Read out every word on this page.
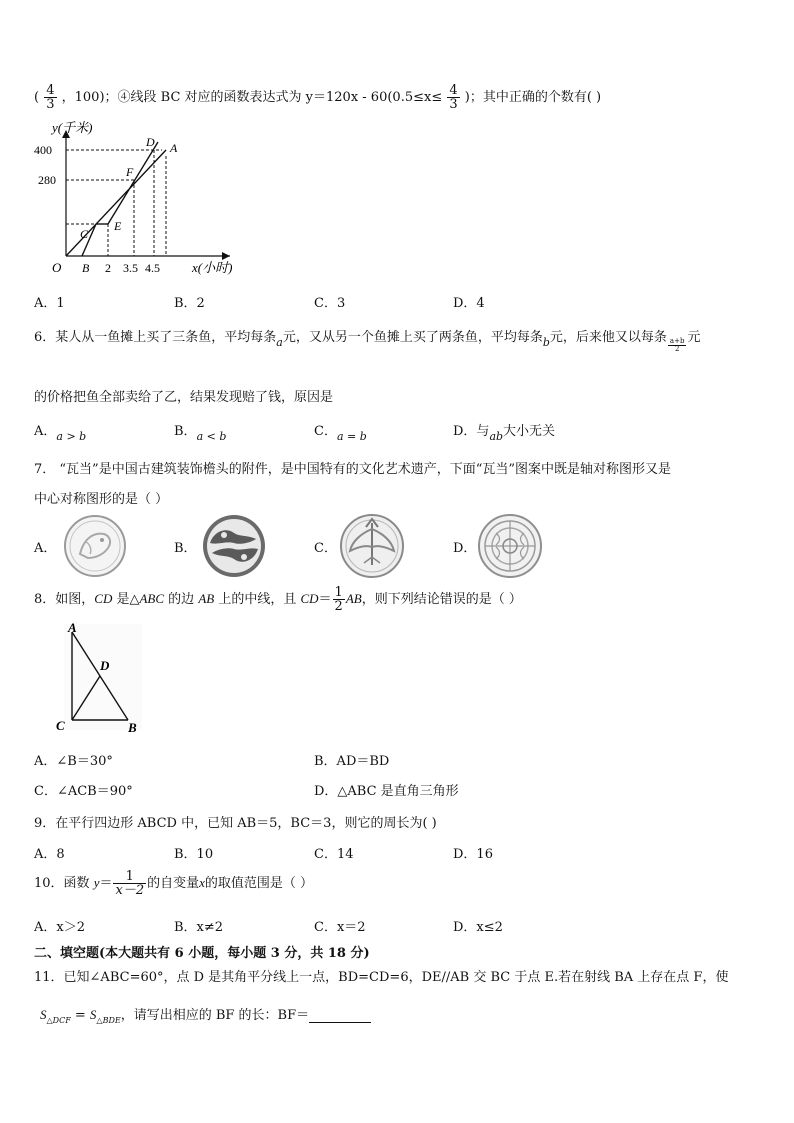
( $\frac{4}{3}$ ，100)；④线段 BC 对应的函数表达式为 $y=120x - 60(0.5\le x\le \frac{4}{3}$ )；其中正确的个数有( )
y(千米)
x(小时)
O
400
280
B 2 3.5 4.5
D A
F
E
C
A．1	B．2	C．3	D．4
6．某人从一鱼摊上买了三条鱼，平均每条$_a$元，又从另一个鱼摊上买了两条鱼，平均每条$_b$元，后来他又以每条
$\frac{a+b}{2}$
元
的价格把鱼全部卖给了乙，结果发现赔了钱，原因是
A．$_{a > b}$	B．$_{a < b}$	C．$_{a = b}$	D．与$_{ab}$大小无关
7． “瓦当”是中国古建筑装饰檐头的附件，是中国特有的文化艺术遗产，下面“瓦当”图案中既是轴对称图形又是
中心对称图形的是（ ）
A．	B．	C．	D．
8．如图，CD 是△ABC 的边 AB 上的中线，且 $CD= \frac{1}{2}$ AB，则下列结论错误的是（ ）
A
D
C	B
A．∠B＝30°	B．AD＝BD
C．∠ACB＝90°	D．△ABC 是直角三角形
9．在平行四边形 ABCD 中，已知 AB＝5，BC＝3，则它的周长为( )
A．8	B．10	C．14	D．16
10．函数 $y= \frac{1}{x-2}$ 的自变量x的取值范围是（ ）
A．x＞2	B．x≠2	C．x＝2	D．x≤2
二、填空题(本大题共有 6 小题，每小题 3 分，共 18 分)
11．已知∠ABC=60°，点 D 是其角平分线上一点，BD=CD=6，DE//AB 交 BC 于点 E.若在射线 BA 上存在点 F，使
$S_{\triangle DCF} = S_{\triangle BDE}$，请写出相应的 BF 的长：BF＝
